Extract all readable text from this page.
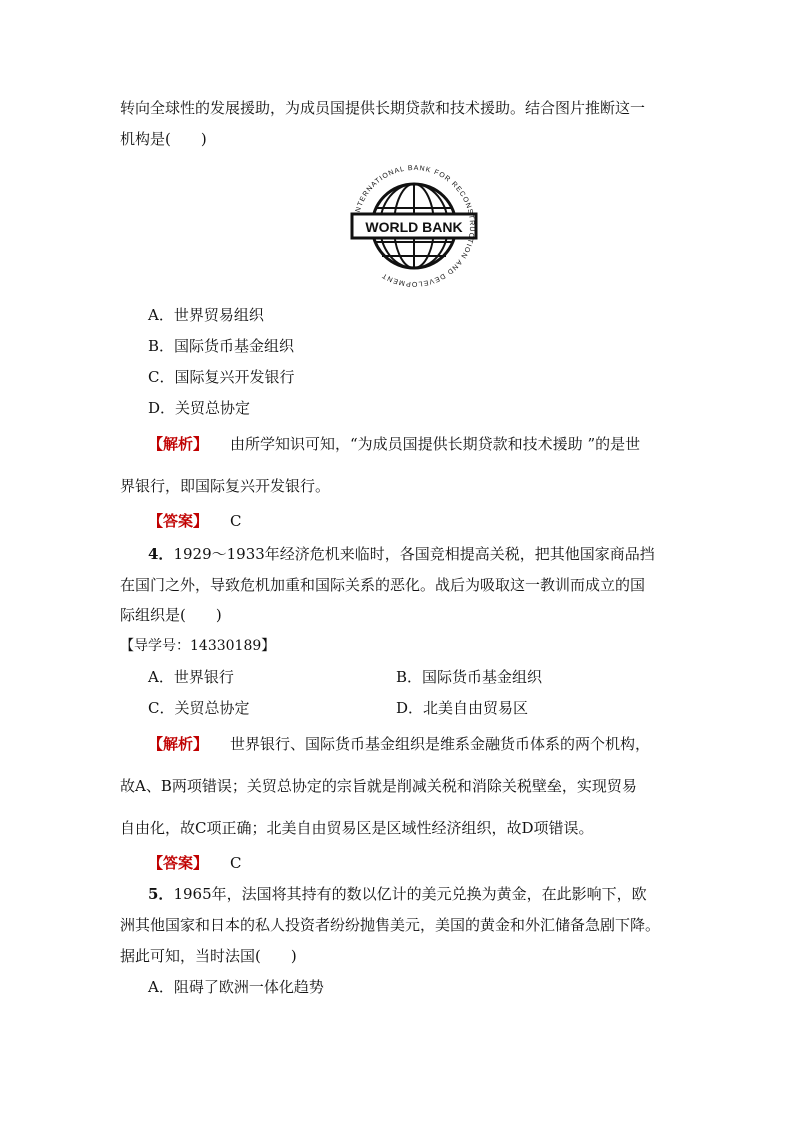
转向全球性的发展援助，为成员国提供长期贷款和技术援助。结合图片推断这一
机构是(　　)
WORLD BANK
INTERNATIONAL BANK FOR RECONSTRUCTION AND DEVELOPMENT
A．世界贸易组织
B．国际货币基金组织
C．国际复兴开发银行
D．关贸总协定
【解析】 由所学知识可知，“为成员国提供长期贷款和技术援助 ”的是世
界银行，即国际复兴开发银行。
【答案】 C
4．1929～1933年经济危机来临时，各国竞相提高关税，把其他国家商品挡
在国门之外，导致危机加重和国际关系的恶化。战后为吸取这一教训而成立的国
际组织是(　　)
【导学号：14330189】
A．世界银行	B．国际货币基金组织
C．关贸总协定	D．北美自由贸易区
【解析】 世界银行、国际货币基金组织是维系金融货币体系的两个机构，
故A、B两项错误；关贸总协定的宗旨就是削减关税和消除关税壁垒，实现贸易
自由化，故C项正确；北美自由贸易区是区域性经济组织，故D项错误。
【答案】 C
5．1965年，法国将其持有的数以亿计的美元兑换为黄金，在此影响下，欧
洲其他国家和日本的私人投资者纷纷抛售美元，美国的黄金和外汇储备急剧下降。
据此可知，当时法国(　　)
A．阻碍了欧洲一体化趋势
